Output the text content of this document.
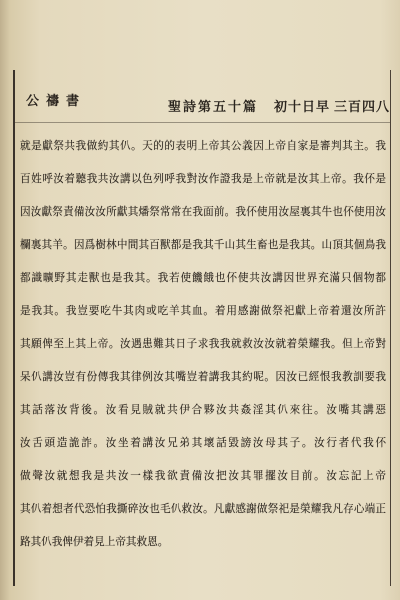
公禱書	聖詩第五十篇 初十日早 三百四八
就是獻祭共我做約其仈。天的的表明上帝其公義因上帝自家是審判其主。我
百姓呼汝着聽我共汝講以色列呼我對汝作證我是上帝就是汝其上帝。我伓是
因汝獻祭責備汝汝所獻其燔祭常常在我面前。我伓使用汝屋裏其牛也伓使用汝
欄裏其羊。因爲樹林中間其百獸都是我其千山其生畜也是我其。山頂其個鳥我
都識曠野其走獸也是我其。我若使饑餓也伓使共汝講因世界充滿只個物都
是我其。我豈要吃牛其肉或吃羊其血。着用感謝做祭祀獻上帝着還汝所許
其願俾至上其上帝。汝遇患難其日子求我我就救汝汝就着榮耀我。但上帝對
呆仈講汝豈有份傳我其律例汝其嘴豈着講我其約呢。因汝已經恨我教訓要我
其話落汝背後。汝看見賊就共伊合夥汝共姦淫其仈來往。汝嘴其講惡
汝舌頭造詭詐。汝坐着講汝兄弟其壞話毀謗汝母其子。汝行者代我伓
做聲汝就想我是共汝一樣我欲責備汝把汝其罪擺汝目前。汝忘記上帝
其仈着想者代恐怕我撕碎汝也毛仈救汝。凡獻感謝做祭祀是榮耀我凡存心端正
路其仈我俾伊着見上帝其救恩。
